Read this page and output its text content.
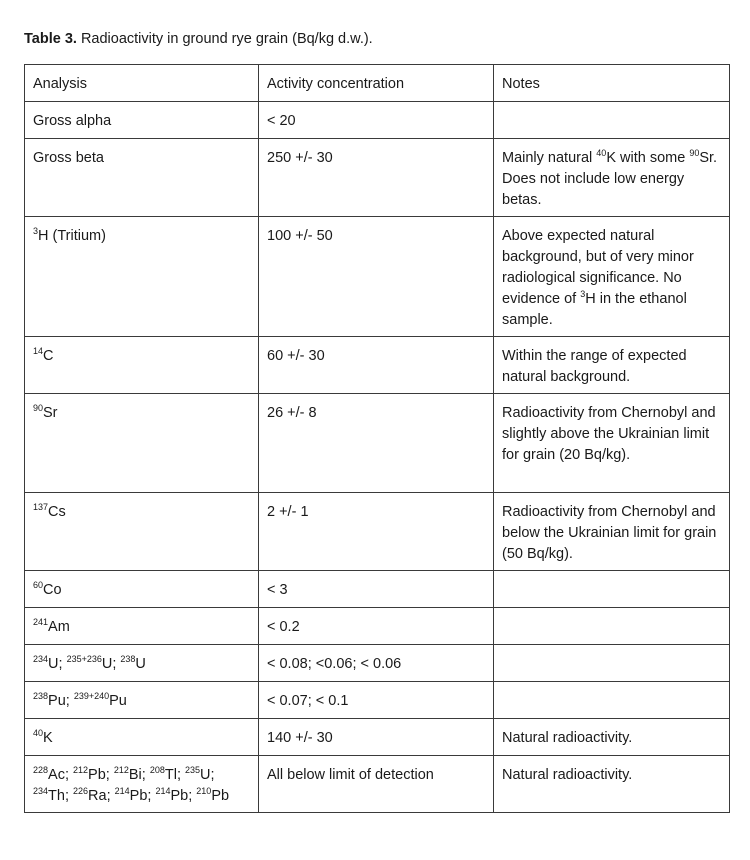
Table 3. Radioactivity in ground rye grain (Bq/kg d.w.).
Analysis	Activity concentration	Notes
Gross alpha	< 20	
Gross beta	250 +/- 30	Mainly natural $^{40}$K with some $^{90}$Sr. Does not include low energy betas.
$^3$H (Tritium)	100 +/- 50	Above expected natural background, but of very minor radiological significance. No evidence of $^3$H in the ethanol sample.
$^{14}$C	60 +/- 30	Within the range of expected natural background.
$^{90}$Sr	26 +/- 8	Radioactivity from Chernobyl and slightly above the Ukrainian limit for grain (20 Bq/kg).
$^{137}$Cs	2 +/- 1	Radioactivity from Chernobyl and below the Ukrainian limit for grain (50 Bq/kg).
$^{60}$Co	< 3	
$^{241}$Am	< 0.2	
$^{234}$U; $^{235+236}$U; $^{238}$U	< 0.08; <0.06; < 0.06	
$^{238}$Pu; $^{239+240}$Pu	< 0.07; < 0.1	
$^{40}$K	140 +/- 30	Natural radioactivity.
$^{228}$Ac; $^{212}$Pb; $^{212}$Bi; $^{208}$Tl; $^{235}$U; $^{234}$Th; $^{226}$Ra; $^{214}$Pb; $^{214}$Pb; $^{210}$Pb	All below limit of detection	Natural radioactivity.
